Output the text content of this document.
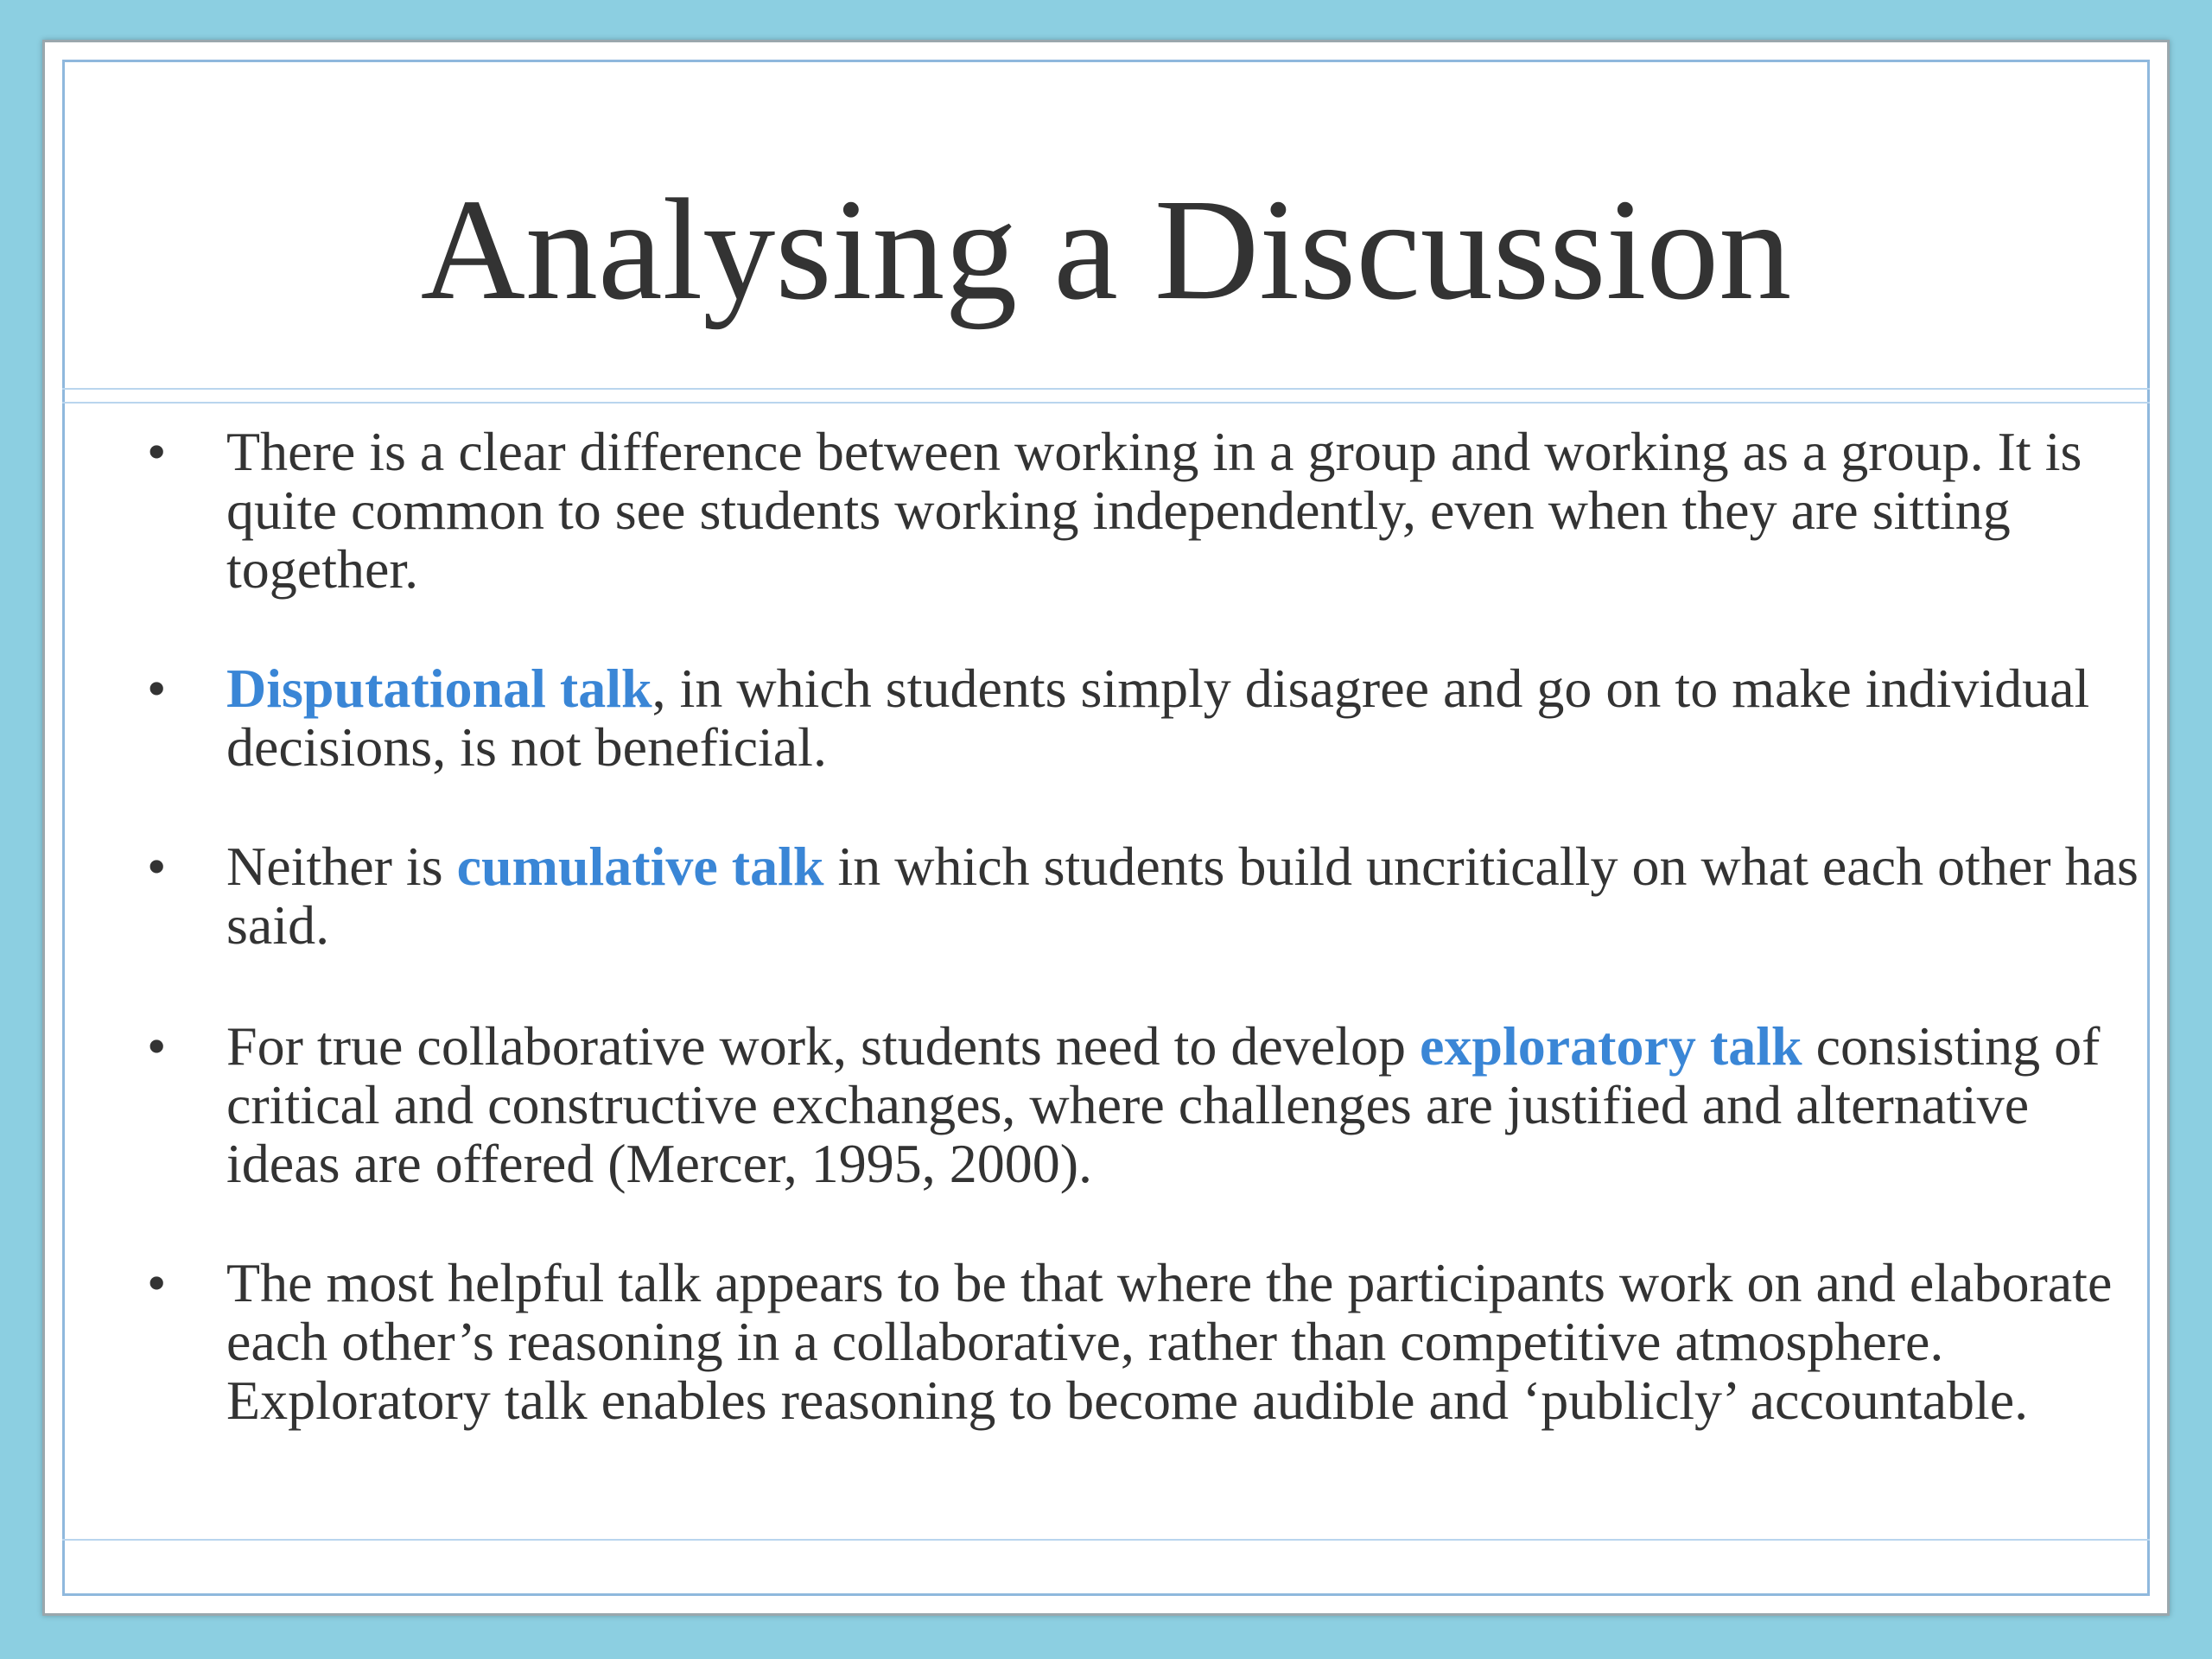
Analysing a Discussion
• There is a clear difference between working in a group and working as a group. It is quite common to see students working independently, even when they are sitting together.
• Disputational talk, in which students simply disagree and go on to make individual decisions, is not beneficial.
• Neither is cumulative talk in which students build uncritically on what each other has said.
• For true collaborative work, students need to develop exploratory talk consisting of critical and constructive exchanges, where challenges are justified and alternative ideas are offered (Mercer, 1995, 2000).
• The most helpful talk appears to be that where the participants work on and elaborate each other’s reasoning in a collaborative, rather than competitive atmosphere. Exploratory talk enables reasoning to become audible and ‘publicly’ accountable.
